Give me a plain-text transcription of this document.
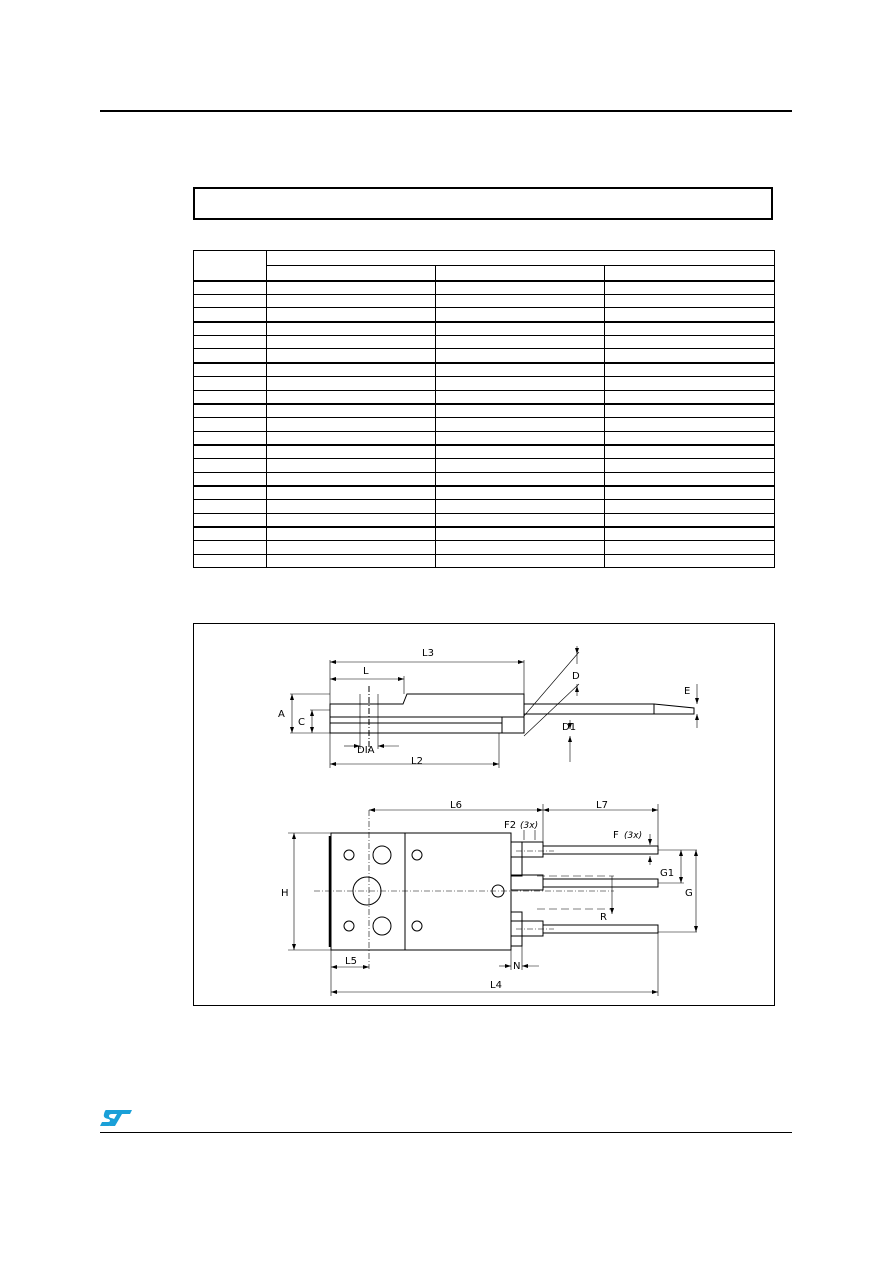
L3
L	D
E
A
C	D1
DIA
L2
L6	L7
F2 (3x)
F (3x)
G1
H	G
R
L5	N
L4
